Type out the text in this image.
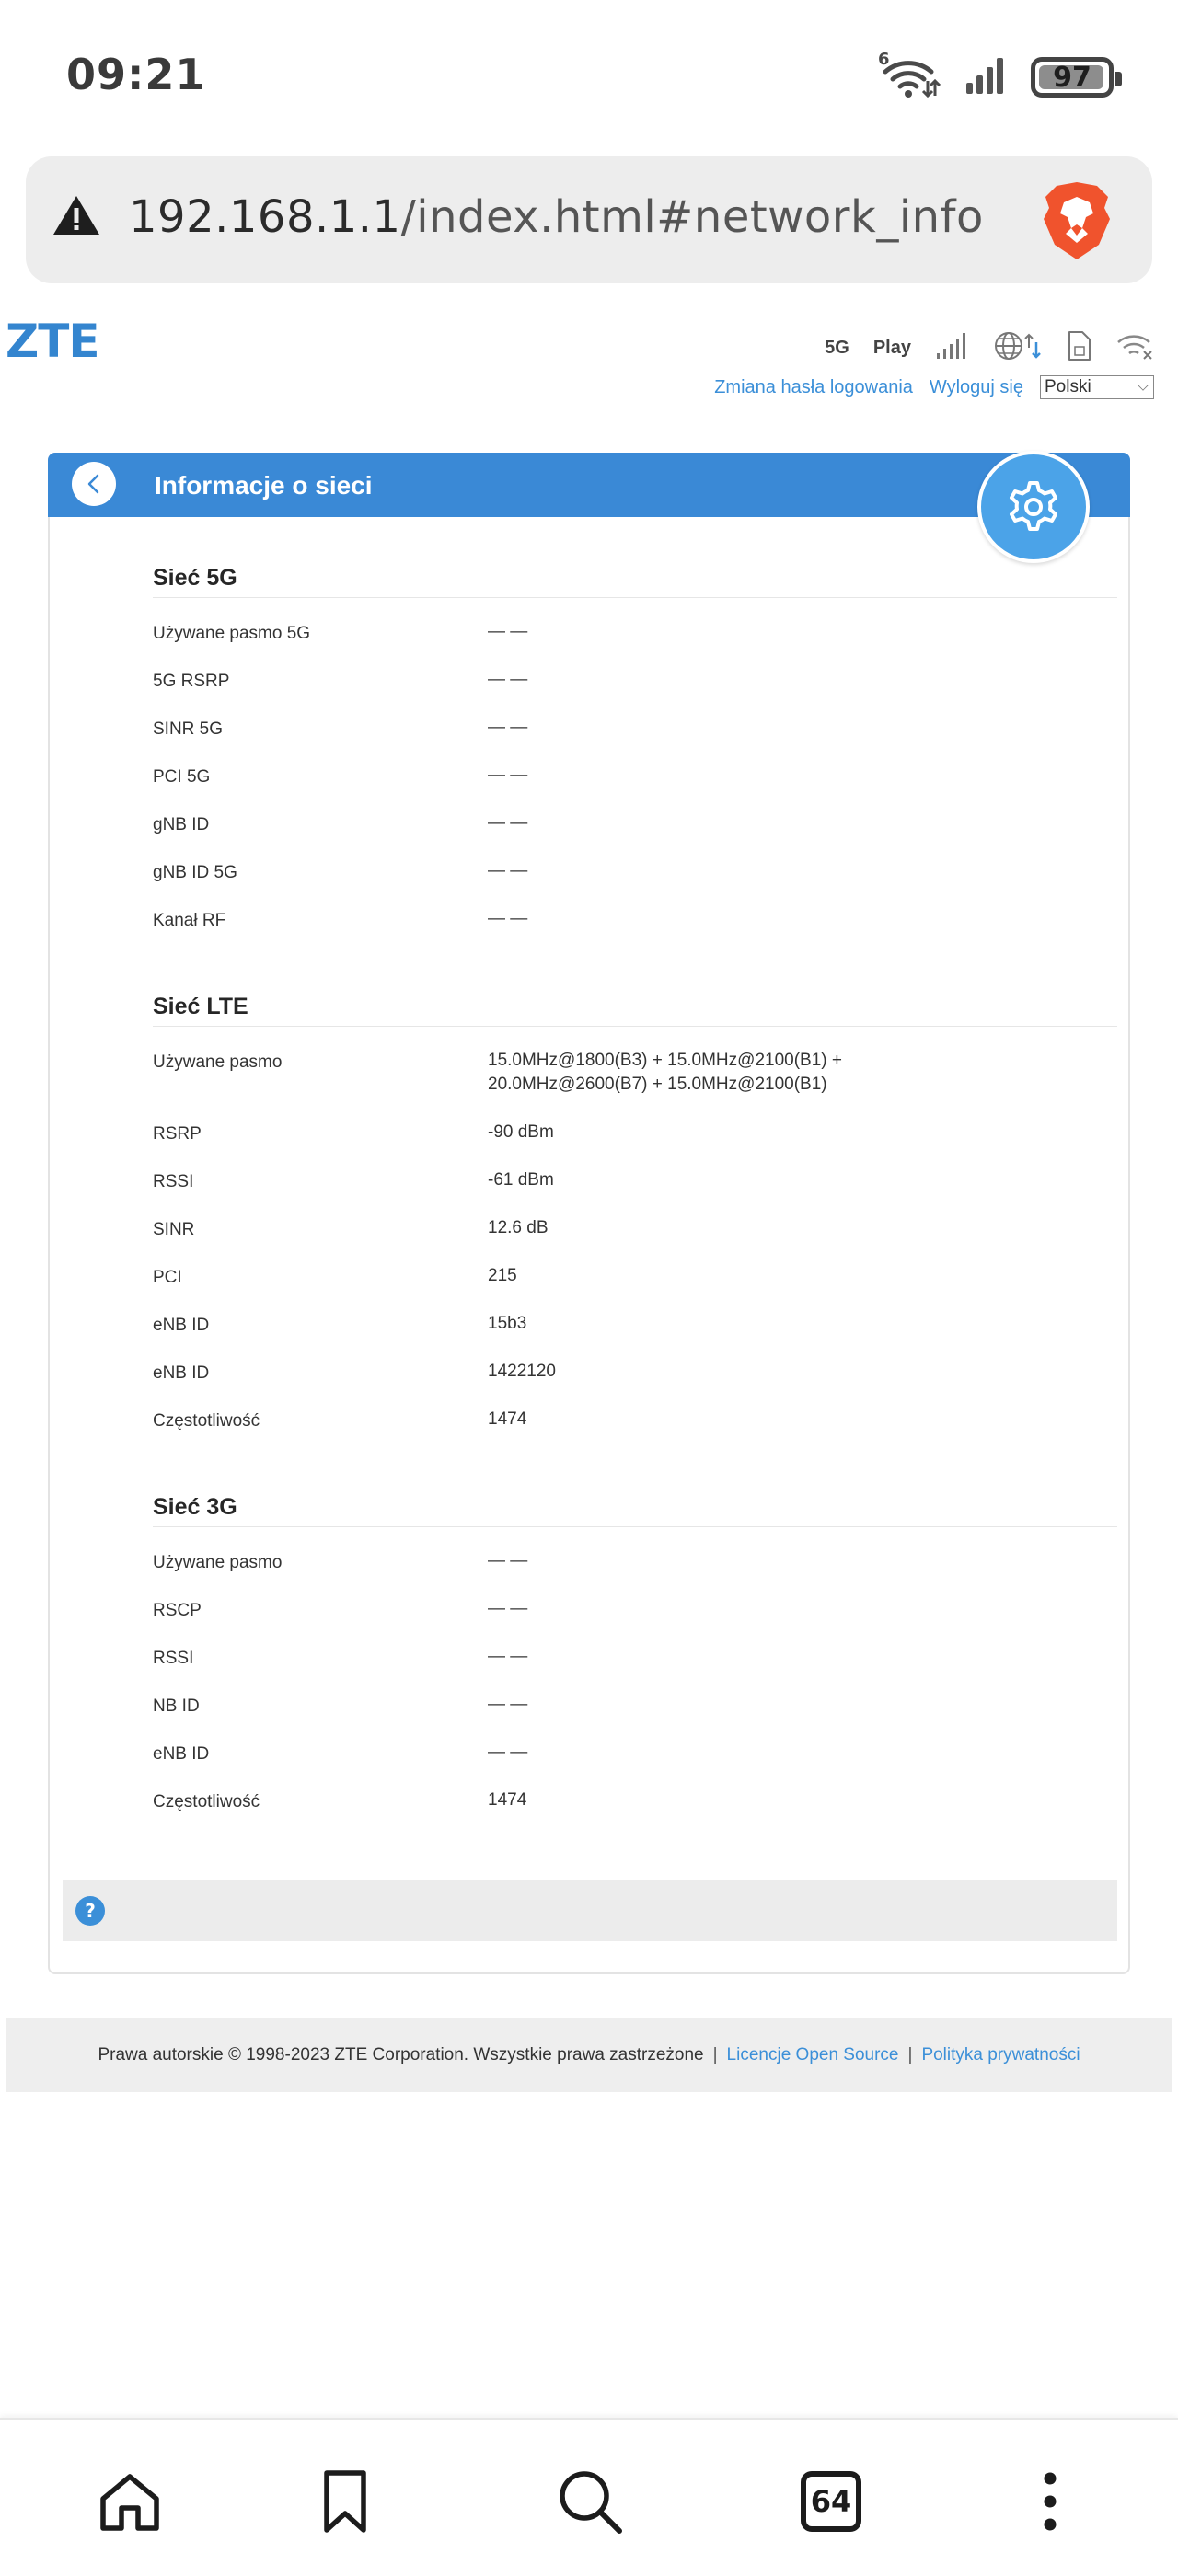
09:21	6
97
192.168.1.1/index.html#network_info
ZTE	5G Play
Zmiana hasła logowania Wyloguj się Polski
Informacje o sieci
Sieć 5G
Używane pasmo 5G	— —
5G RSRP	— —
SINR 5G	— —
PCI 5G	— —
gNB ID	— —
gNB ID 5G	— —
Kanał RF	— —
Sieć LTE
Używane pasmo	15.0MHz@1800(B3) + 15.0MHz@2100(B1) +
20.0MHz@2600(B7) + 15.0MHz@2100(B1)
RSRP	-90 dBm
RSSI	-61 dBm
SINR	12.6 dB
PCI	215
eNB ID	15b3
eNB ID	1422120
Częstotliwość	1474
Sieć 3G
Używane pasmo	— —
RSCP	— —
RSSI	— —
NB ID	— —
eNB ID	— —
Częstotliwość	1474
?
Prawa autorskie © 1998-2023 ZTE Corporation. Wszystkie prawa zastrzeżone | Licencje Open Source | Polityka prywatności
64
